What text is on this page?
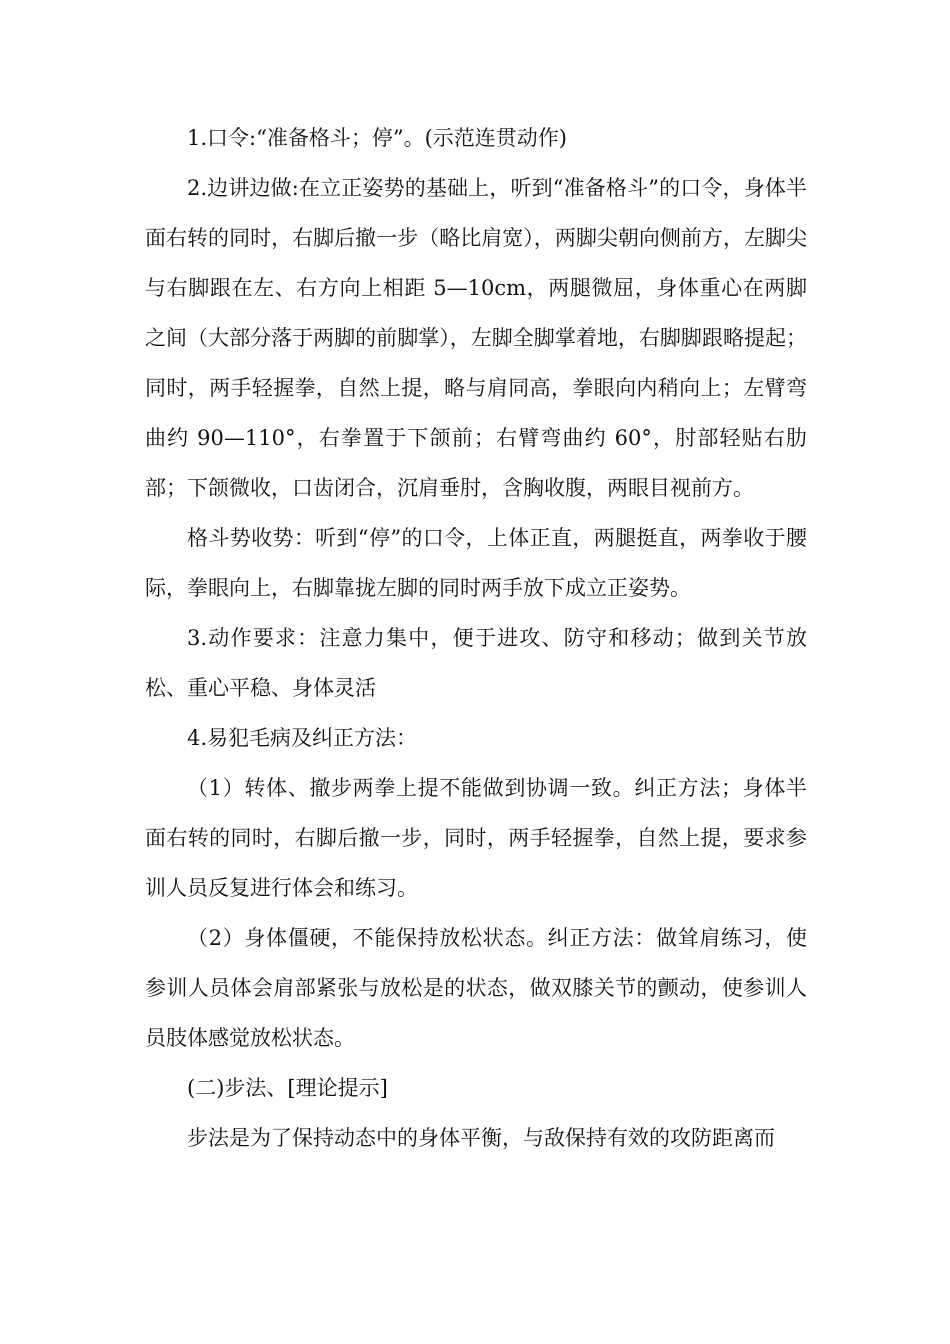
1.口令:“准备格斗；停”。(示范连贯动作)

2.边讲边做:在立正姿势的基础上，听到“准备格斗”的口令，身体半面右转的同时，右脚后撤一步（略比肩宽），两脚尖朝向侧前方，左脚尖与右脚跟在左、右方向上相距 5—10cm，两腿微屈，身体重心在两脚之间（大部分落于两脚的前脚掌），左脚全脚掌着地，右脚脚跟略提起；同时，两手轻握拳，自然上提，略与肩同高，拳眼向内稍向上；左臂弯曲约 90—110°，右拳置于下颌前；右臂弯曲约 60°，肘部轻贴右肋部；下颌微收，口齿闭合，沉肩垂肘，含胸收腹，两眼目视前方。

格斗势收势：听到“停”的口令，上体正直，两腿挺直，两拳收于腰际，拳眼向上，右脚靠拢左脚的同时两手放下成立正姿势。

3.动作要求：注意力集中，便于进攻、防守和移动；做到关节放松、重心平稳、身体灵活

4.易犯毛病及纠正方法：

（1）转体、撤步两拳上提不能做到协调一致。纠正方法；身体半面右转的同时，右脚后撤一步，同时，两手轻握拳，自然上提，要求参训人员反复进行体会和练习。

（2）身体僵硬，不能保持放松状态。纠正方法：做耸肩练习，使参训人员体会肩部紧张与放松是的状态，做双膝关节的颤动，使参训人员肢体感觉放松状态。

(二)步法、[理论提示]

步法是为了保持动态中的身体平衡，与敌保持有效的攻防距离而
